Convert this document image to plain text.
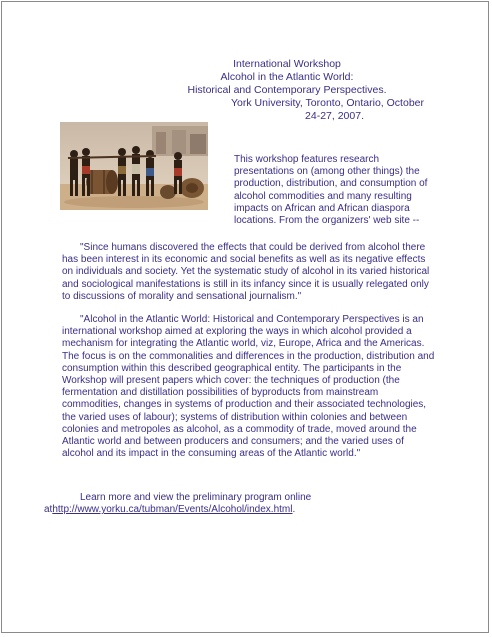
International Workshop
Alcohol in the Atlantic World:
Historical and Contemporary Perspectives.
York University, Toronto, Ontario, October
24-27, 2007.
This workshop features research presentations on (among other things) the production, distribution, and consumption of alcohol commodities and many resulting impacts on African and African diaspora locations. From the organizers' web site --
"Since humans discovered the effects that could be derived from alcohol there has been interest in its economic and social benefits as well as its negative effects on individuals and society. Yet the systematic study of alcohol in its varied historical and sociological manifestations is still in its infancy since it is usually relegated only to discussions of morality and sensational journalism."
"Alcohol in the Atlantic World: Historical and Contemporary Perspectives is an international workshop aimed at exploring the ways in which alcohol provided a mechanism for integrating the Atlantic world, viz, Europe, Africa and the Americas. The focus is on the commonalities and differences in the production, distribution and consumption within this described geographical entity. The participants in the Workshop will present papers which cover: the techniques of production (the fermentation and distillation possibilities of byproducts from mainstream commodities, changes in systems of production and their associated technologies, the varied uses of labour); systems of distribution within colonies and between colonies and metropoles as alcohol, as a commodity of trade, moved around the Atlantic world and between producers and consumers; and the varied uses of alcohol and its impact in the consuming areas of the Atlantic world."
Learn more and view the preliminary program online
athttp://www.yorku.ca/tubman/Events/Alcohol/index.html.
